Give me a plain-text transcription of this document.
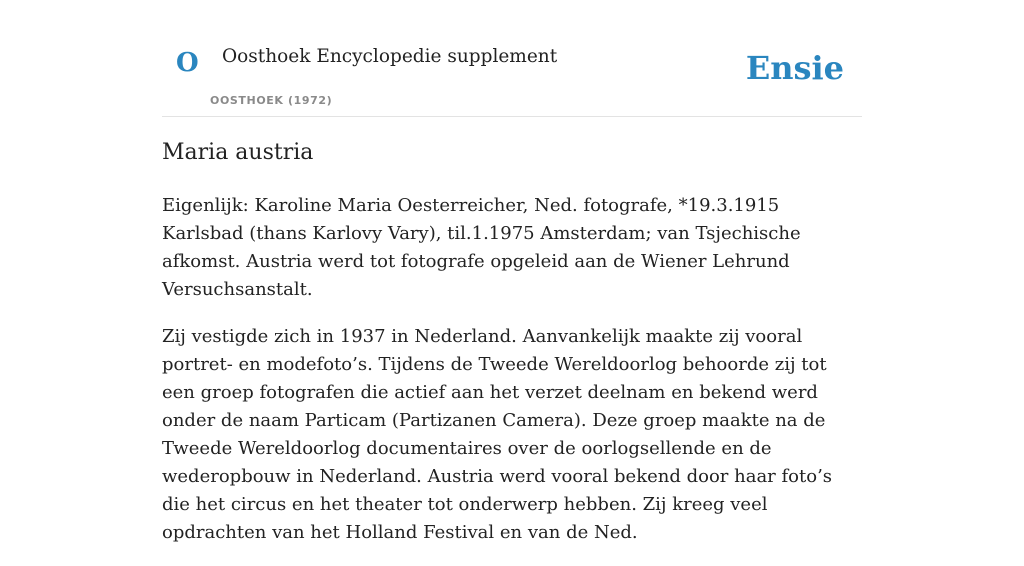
O Oosthoek Encyclopedie supplement
OOSTHOEK (1972)
Ensie
Maria austria

Eigenlijk: Karoline Maria Oesterreicher, Ned. fotografe, *19.3.1915 Karlsbad (thans Karlovy Vary), til.1.1975 Amsterdam; van Tsjechische afkomst. Austria werd tot fotografe opgeleid aan de Wiener Lehrund Versuchsanstalt.

Zij vestigde zich in 1937 in Nederland. Aanvankelijk maakte zij vooral portret- en modefoto’s. Tijdens de Tweede Wereldoorlog behoorde zij tot een groep fotografen die actief aan het verzet deelnam en bekend werd onder de naam Particam (Partizanen Camera). Deze groep maakte na de Tweede Wereldoorlog documentaires over de oorlogsellende en de wederopbouw in Nederland. Austria werd vooral bekend door haar foto’s die het circus en het theater tot onderwerp hebben. Zij kreeg veel opdrachten van het Holland Festival en van de Ned.
